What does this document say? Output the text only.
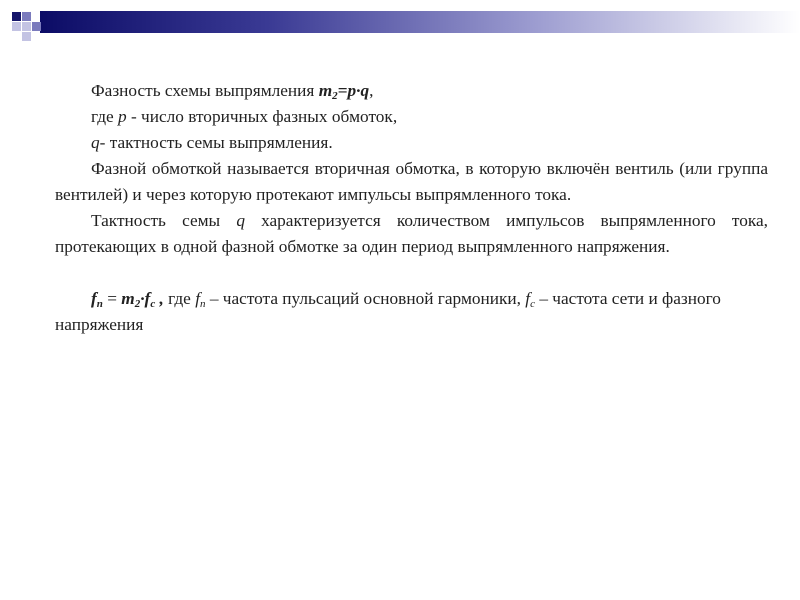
Фазность схемы выпрямления $m_2=p\cdot q$,

где p - число вторичных фазных обмоток,

q- тактность семы выпрямления.

Фазной обмоткой называется вторичная обмотка, в которую включён вентиль (или группа вентилей) и через которую протекают импульсы выпрямленного тока.

Тактность семы q характеризуется количеством импульсов выпрямленного тока, протекающих в одной фазной обмотке за один период выпрямленного напряжения.

$f_п = m_2\cdot f_c$ , где $f_п$ – частота пульсаций основной гармоники, $f_c$ – частота сети и фазного напряжения
